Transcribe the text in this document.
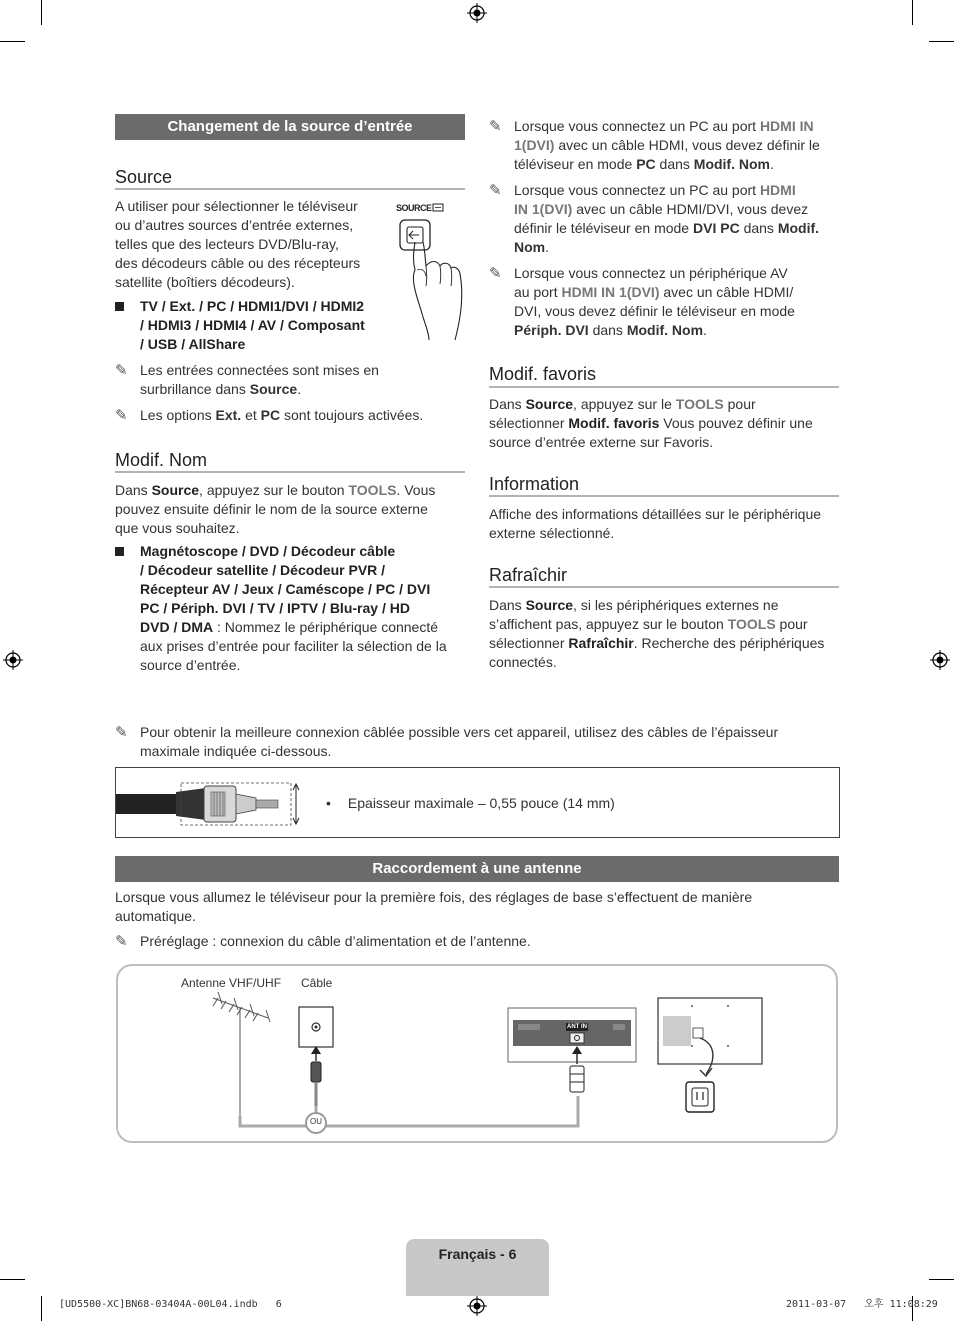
Changement de la source d’entrée
Source
A utiliser pour sélectionner le téléviseur
ou d’autres sources d’entrée externes,
telles que des lecteurs DVD/Blu-ray,
des décodeurs câble ou des récepteurs
satellite (boîtiers décodeurs).
SOURCE
TV / Ext. / PC / HDMI1/DVI / HDMI2
/ HDMI3 / HDMI4 / AV / Composant
/ USB / AllShare
✎ Les entrées connectées sont mises en
surbrillance dans Source.
✎ Les options Ext. et PC sont toujours activées.
Modif. Nom
Dans Source, appuyez sur le bouton TOOLS. Vous
pouvez ensuite définir le nom de la source externe
que vous souhaitez.
Magnétoscope / DVD / Décodeur câble
/ Décodeur satellite / Décodeur PVR /
Récepteur AV / Jeux / Caméscope / PC / DVI
PC / Périph. DVI / TV / IPTV / Blu-ray / HD
DVD / DMA : Nommez le périphérique connecté
aux prises d’entrée pour faciliter la sélection de la
source d’entrée.
✎ Lorsque vous connectez un PC au port HDMI IN
1(DVI) avec un câble HDMI, vous devez définir le
téléviseur en mode PC dans Modif. Nom.
✎ Lorsque vous connectez un PC au port HDMI
IN 1(DVI) avec un câble HDMI/DVI, vous devez
définir le téléviseur en mode DVI PC dans Modif.
Nom.
✎ Lorsque vous connectez un périphérique AV
au port HDMI IN 1(DVI) avec un câble HDMI/
DVI, vous devez définir le téléviseur en mode
Périph. DVI dans Modif. Nom.
Modif. favoris
Dans Source, appuyez sur le TOOLS pour
sélectionner Modif. favoris Vous pouvez définir une
source d’entrée externe sur Favoris.
Information
Affiche des informations détaillées sur le périphérique
externe sélectionné.
Rafraîchir
Dans Source, si les périphériques externes ne
s’affichent pas, appuyez sur le bouton TOOLS pour
sélectionner Rafraîchir. Recherche des périphériques
connectés.
✎ Pour obtenir la meilleure connexion câblée possible vers cet appareil, utilisez des câbles de l’épaisseur
maximale indiquée ci-dessous.
• Epaisseur maximale – 0,55 pouce (14 mm)
Raccordement à une antenne
Lorsque vous allumez le téléviseur pour la première fois, des réglages de base s’effectuent de manière
automatique.
✎ Préréglage : connexion du câble d’alimentation et de l’antenne.
Antenne VHF/UHF Câble
OU
ANT IN
Français - 6
[UD5500-XC]BN68-03404A-00L04.indb   6	2011-03-07   오후 11:08:29
